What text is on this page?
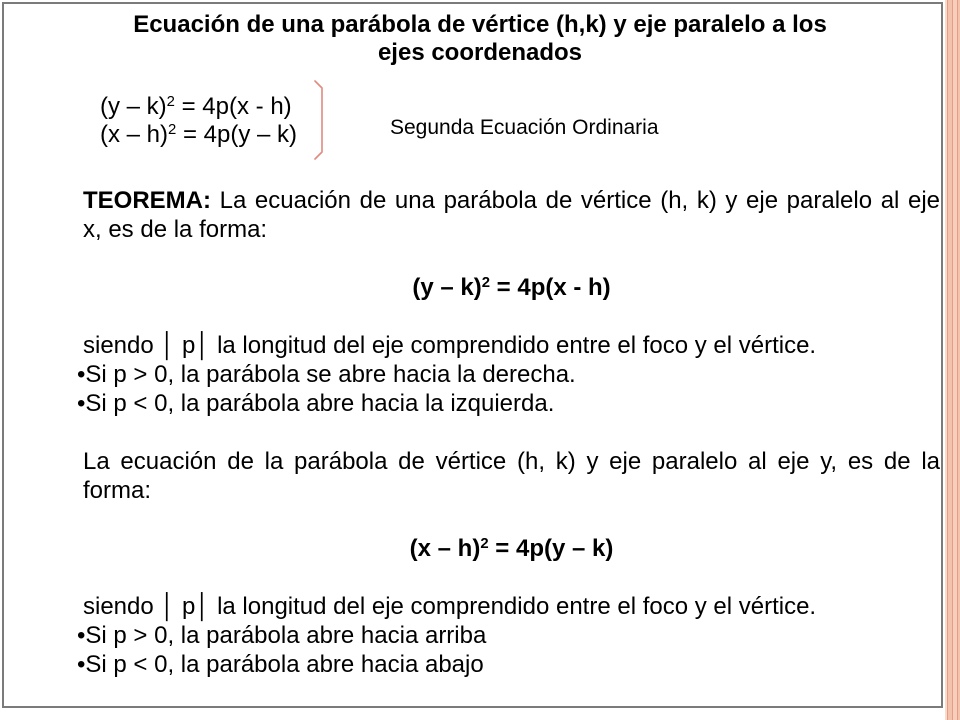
Ecuación de una parábola de vértice (h,k) y eje paralelo a los
ejes coordenados
(y – k)$^2$ = 4p(x - h)
(x – h)$^2$ = 4p(y – k)	Segunda Ecuación Ordinaria
TEOREMA: La ecuación de una parábola de vértice (h, k) y eje paralelo al eje
x, es de la forma:
(y – k)$^2$ = 4p(x - h)
siendo │ p│ la longitud del eje comprendido entre el foco y el vértice.
•Si p > 0, la parábola se abre hacia la derecha.
•Si p < 0, la parábola abre hacia la izquierda.
La ecuación de la parábola de vértice (h, k) y eje paralelo al eje y, es de la
forma:
(x – h)$^2$ = 4p(y – k)
siendo │ p│ la longitud del eje comprendido entre el foco y el vértice.
•Si p > 0, la parábola abre hacia arriba
•Si p < 0, la parábola abre hacia abajo
